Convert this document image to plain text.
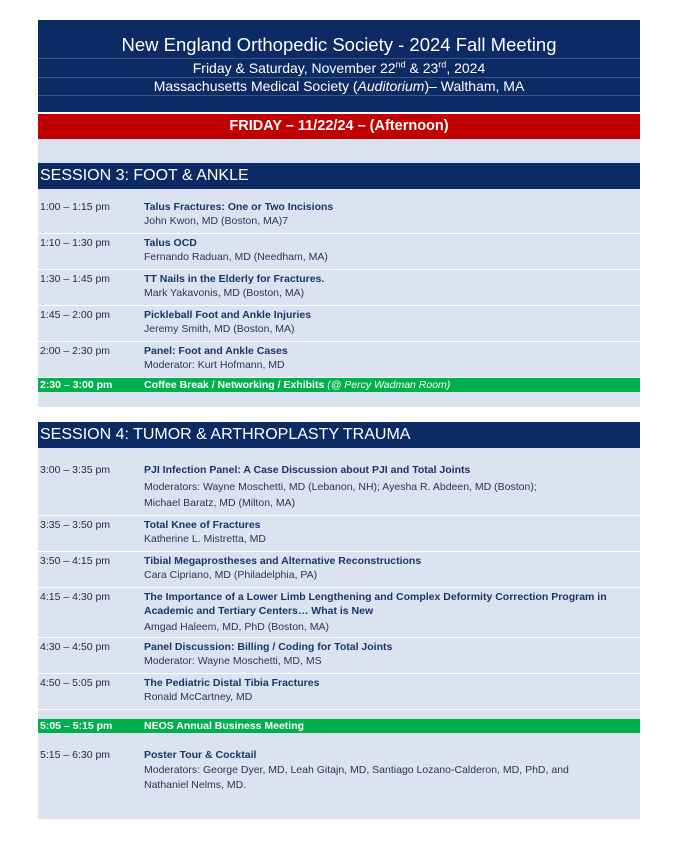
New England Orthopedic Society - 2024 Fall Meeting
Friday & Saturday, November 22nd & 23rd, 2024
Massachusetts Medical Society (Auditorium)– Waltham, MA
FRIDAY – 11/22/24 – (Afternoon)
SESSION 3: FOOT & ANKLE
1:00 – 1:15 pm	Talus Fractures: One or Two Incisions
John Kwon, MD (Boston, MA)7
1:10 – 1:30 pm	Talus OCD
Fernando Raduan, MD (Needham, MA)
1:30 – 1:45 pm	TT Nails in the Elderly for Fractures.
Mark Yakavonis, MD (Boston, MA)
1:45 – 2:00 pm	Pickleball Foot and Ankle Injuries
Jeremy Smith, MD (Boston, MA)
2:00 – 2:30 pm	Panel: Foot and Ankle Cases
Moderator: Kurt Hofmann, MD
2:30 – 3:00 pm	Coffee Break / Networking / Exhibits (@ Percy Wadman Room)
SESSION 4: TUMOR & ARTHROPLASTY TRAUMA
3:00 – 3:35 pm	PJI Infection Panel: A Case Discussion about PJI and Total Joints
Moderators: Wayne Moschetti, MD (Lebanon, NH); Ayesha R. Abdeen, MD (Boston);
Michael Baratz, MD (Milton, MA)
3:35 – 3:50 pm	Total Knee of Fractures
Katherine L. Mistretta, MD
3:50 – 4:15 pm	Tibial Megaprostheses and Alternative Reconstructions
Cara Cipriano, MD (Philadelphia, PA)
4:15 – 4:30 pm	The Importance of a Lower Limb Lengthening and Complex Deformity Correction Program in Academic and Tertiary Centers… What is New
Amgad Haleem, MD, PhD (Boston, MA)
4:30 – 4:50 pm	Panel Discussion: Billing / Coding for Total Joints
Moderator: Wayne Moschetti, MD, MS
4:50 – 5:05 pm	The Pediatric Distal Tibia Fractures
Ronald McCartney, MD
5:05 – 5:15 pm	NEOS Annual Business Meeting
5:15 – 6:30 pm	Poster Tour & Cocktail
Moderators: George Dyer, MD, Leah Gitajn, MD, Santiago Lozano-Calderon, MD, PhD, and
Nathaniel Nelms, MD.
